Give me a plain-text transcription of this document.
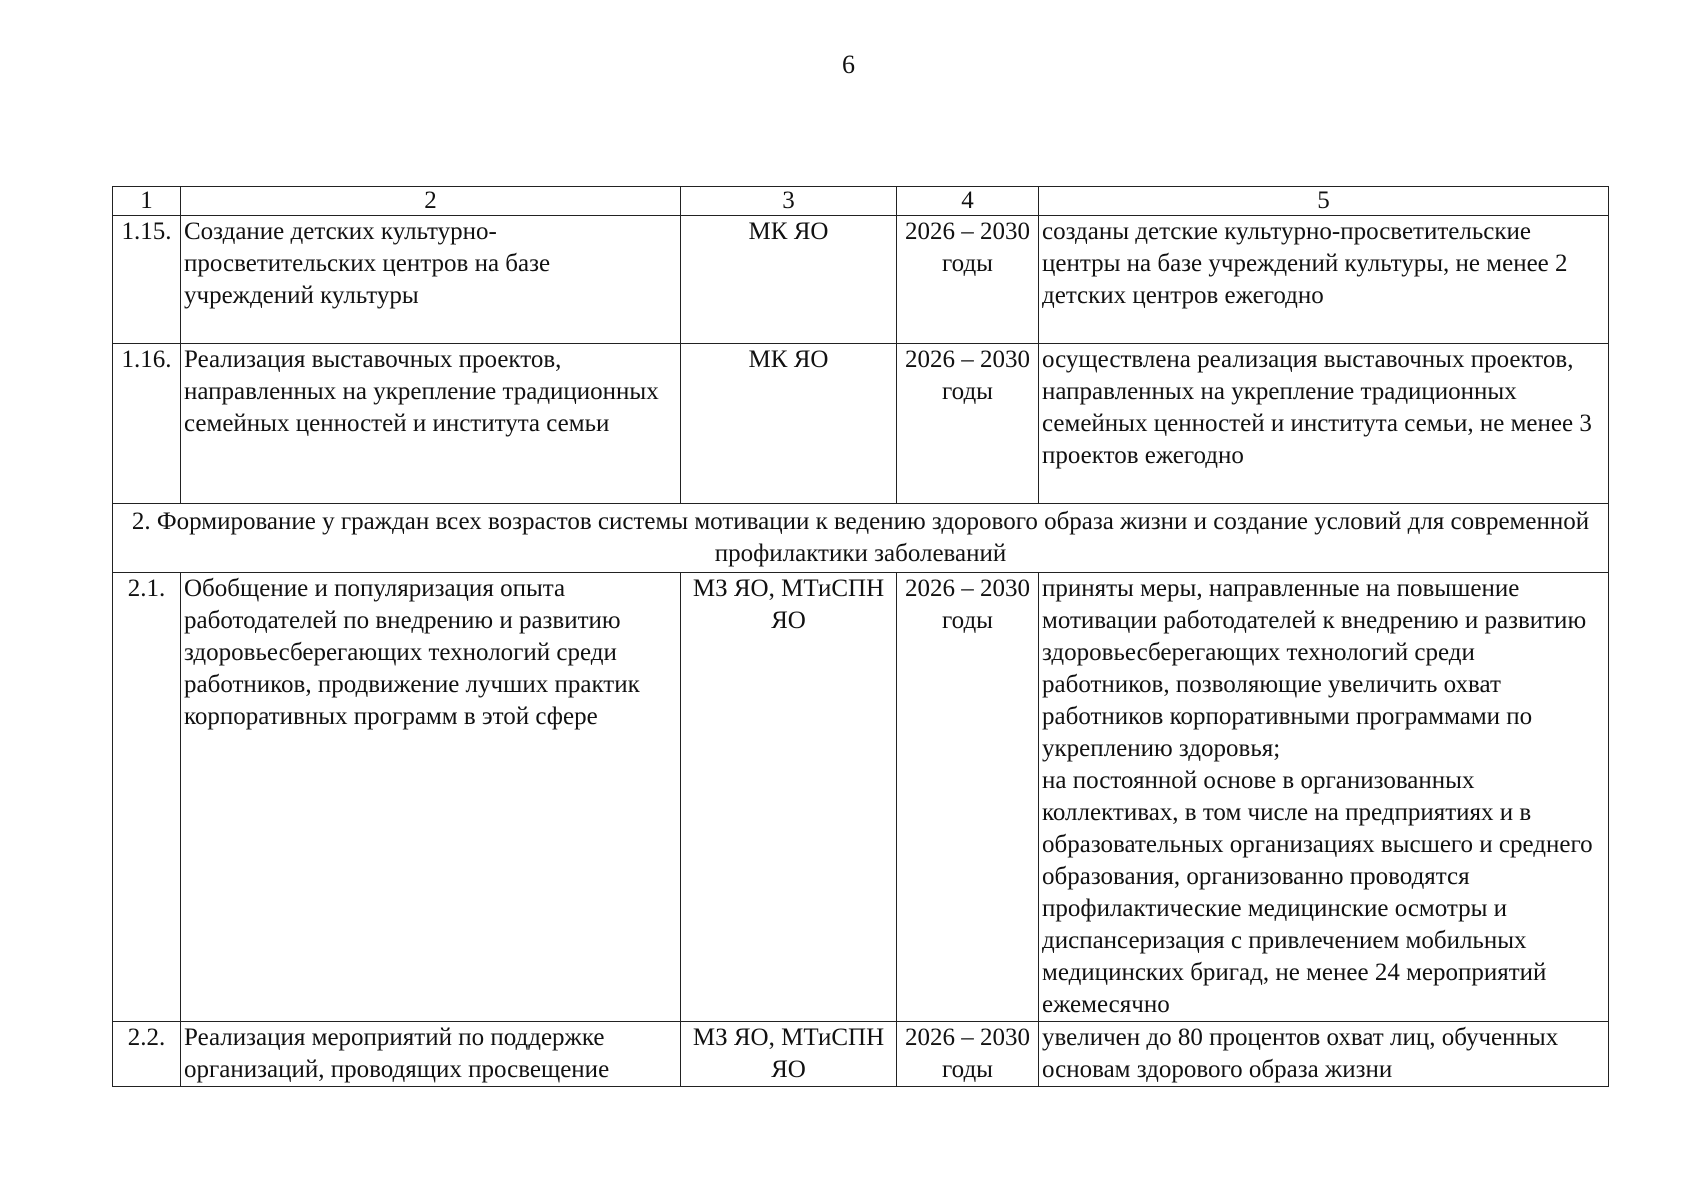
6
1	2	3	4	5
1.15.	Создание детских культурно-просветительских центров на базе учреждений культуры	МК ЯО	2026 – 2030 годы	созданы детские культурно-просветительские центры на базе учреждений культуры, не менее 2 детских центров ежегодно
1.16.	Реализация выставочных проектов, направленных на укрепление традиционных семейных ценностей и института семьи	МК ЯО	2026 – 2030 годы	осуществлена реализация выставочных проектов, направленных на укрепление традиционных семейных ценностей и института семьи, не менее 3 проектов ежегодно
2. Формирование у граждан всех возрастов системы мотивации к ведению здорового образа жизни и создание условий для современной профилактики заболеваний				
2.1.	Обобщение и популяризация опыта работодателей по внедрению и развитию здоровьесберегающих технологий среди работников, продвижение лучших практик корпоративных программ в этой сфере	МЗ ЯО, МТиСПН ЯО	2026 – 2030 годы	приняты меры, направленные на повышение мотивации работодателей к внедрению и развитию здоровьесберегающих технологий среди работников, позволяющие увеличить охват работников корпоративными программами по укреплению здоровья;
на постоянной основе в организованных коллективах, в том числе на предприятиях и в образовательных организациях высшего и среднего образования, организованно проводятся профилактические медицинские осмотры и диспансеризация с привлечением мобильных медицинских бригад, не менее 24 мероприятий ежемесячно

2.2.	Реализация мероприятий по поддержке организаций, проводящих просвещение	МЗ ЯО, МТиСПН ЯО	2026 – 2030 годы	увеличен до 80 процентов охват лиц, обученных основам здорового образа жизни
